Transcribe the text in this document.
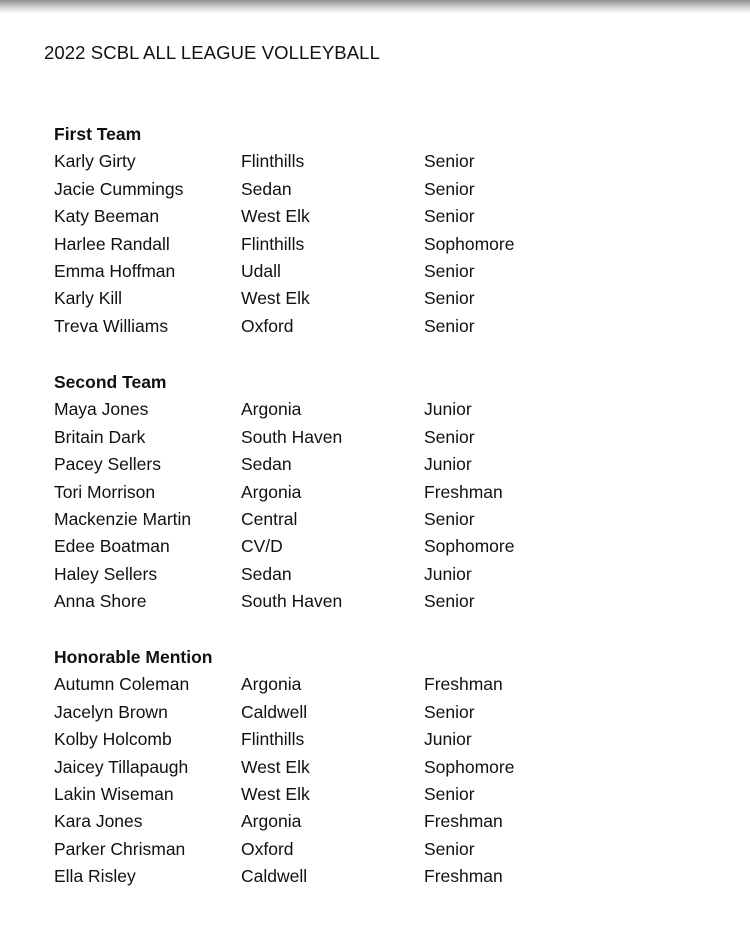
2022 SCBL ALL LEAGUE VOLLEYBALL
First Team
Karly Girty	Flinthills	Senior
Jacie Cummings	Sedan	Senior
Katy Beeman	West Elk	Senior
Harlee Randall	Flinthills	Sophomore
Emma Hoffman	Udall	Senior
Karly Kill	West Elk	Senior
Treva Williams	Oxford	Senior
Second Team
Maya Jones	Argonia	Junior
Britain Dark	South Haven	Senior
Pacey Sellers	Sedan	Junior
Tori Morrison	Argonia	Freshman
Mackenzie Martin	Central	Senior
Edee Boatman	CV/D	Sophomore
Haley Sellers	Sedan	Junior
Anna Shore	South Haven	Senior
Honorable Mention
Autumn Coleman	Argonia	Freshman
Jacelyn Brown	Caldwell	Senior
Kolby Holcomb	Flinthills	Junior
Jaicey Tillapaugh	West Elk	Sophomore
Lakin Wiseman	West Elk	Senior
Kara Jones	Argonia	Freshman
Parker Chrisman	Oxford	Senior
Ella Risley	Caldwell	Freshman
